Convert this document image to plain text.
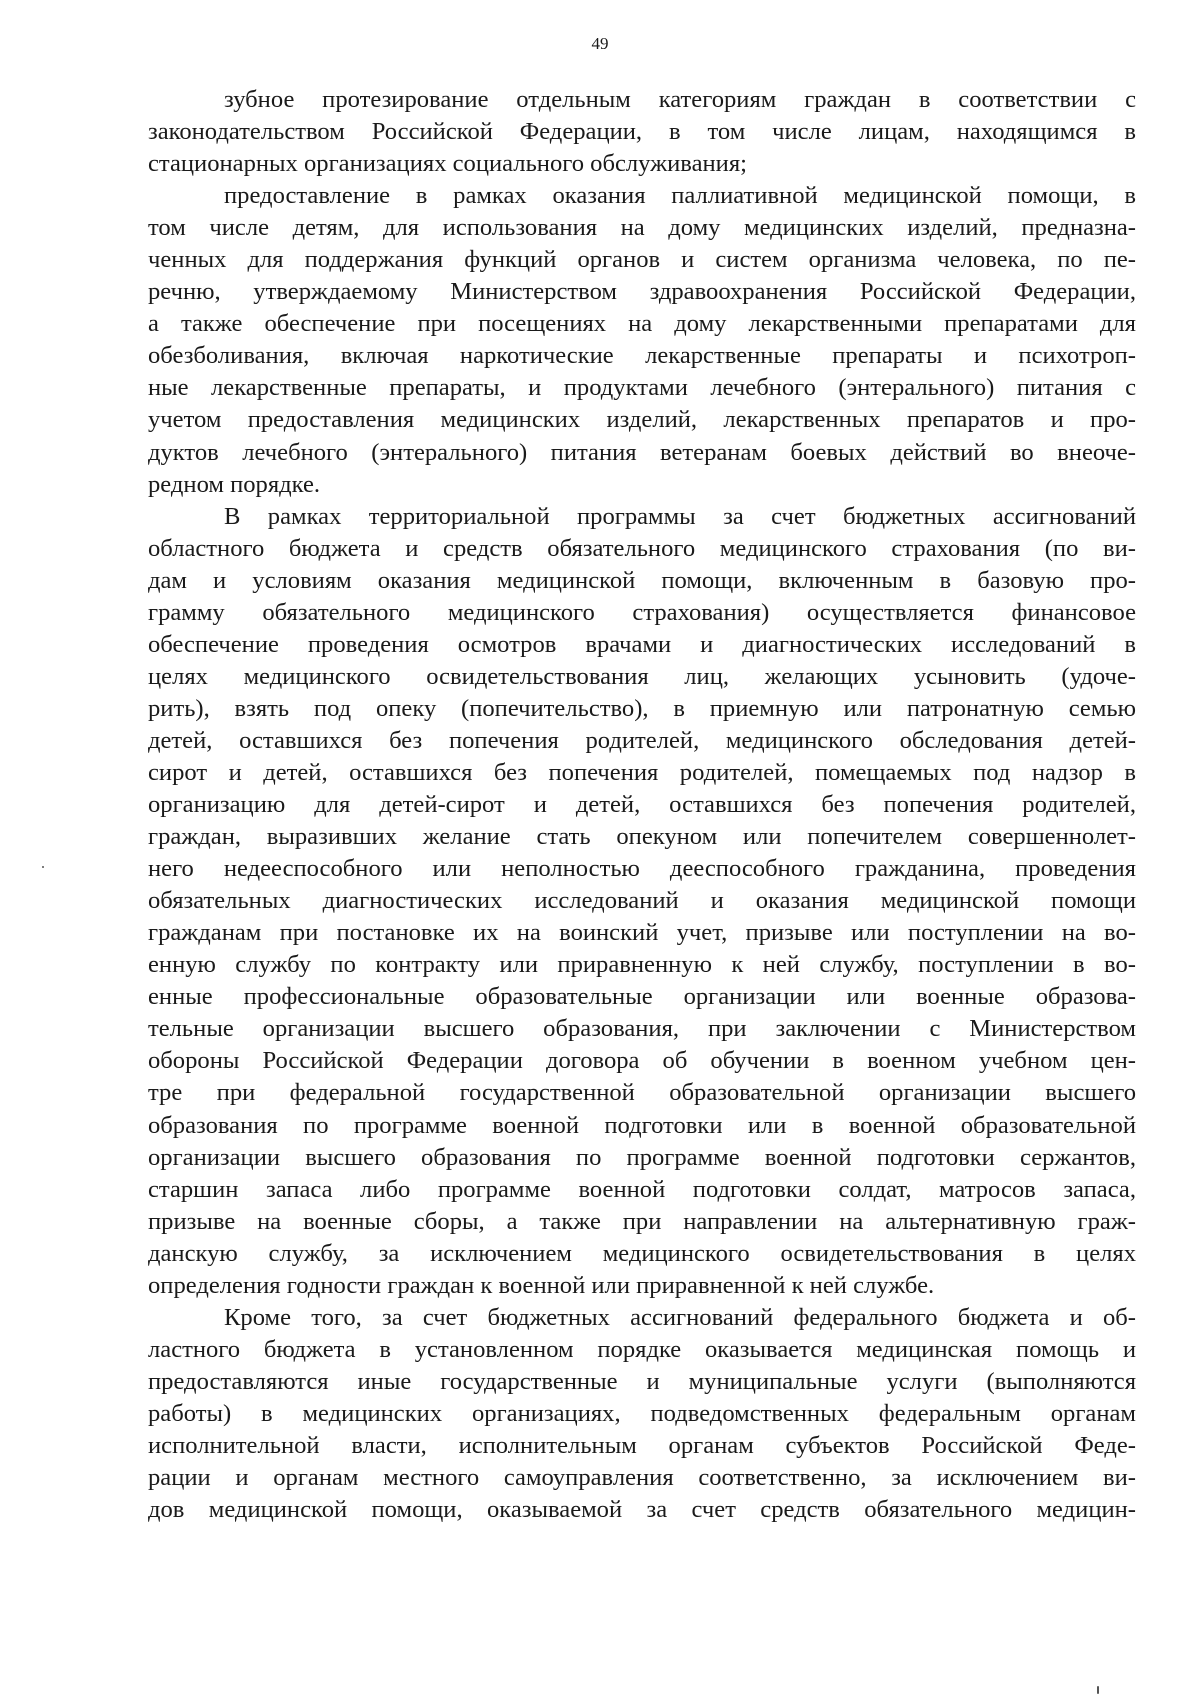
49

зубное протезирование отдельным категориям граждан в соответствии с
законодательством Российской Федерации, в том числе лицам, находящимся в
стационарных организациях социального обслуживания;

предоставление в рамках оказания паллиативной медицинской помощи, в
том числе детям, для использования на дому медицинских изделий, предназна-
ченных для поддержания функций органов и систем организма человека, по пе-
речню, утверждаемому Министерством здравоохранения Российской Федерации,
а также обеспечение при посещениях на дому лекарственными препаратами для
обезболивания, включая наркотические лекарственные препараты и психотроп-
ные лекарственные препараты, и продуктами лечебного (энтерального) питания с
учетом предоставления медицинских изделий, лекарственных препаратов и про-
дуктов лечебного (энтерального) питания ветеранам боевых действий во внеоче-
редном порядке.

В рамках территориальной программы за счет бюджетных ассигнований
областного бюджета и средств обязательного медицинского страхования (по ви-
дам и условиям оказания медицинской помощи, включенным в базовую про-
грамму обязательного медицинского страхования) осуществляется финансовое
обеспечение проведения осмотров врачами и диагностических исследований в
целях медицинского освидетельствования лиц, желающих усыновить (удоче-
рить), взять под опеку (попечительство), в приемную или патронатную семью
детей, оставшихся без попечения родителей, медицинского обследования детей-
сирот и детей, оставшихся без попечения родителей, помещаемых под надзор в
организацию для детей-сирот и детей, оставшихся без попечения родителей,
граждан, выразивших желание стать опекуном или попечителем совершеннолет-
него недееспособного или неполностью дееспособного гражданина, проведения
обязательных диагностических исследований и оказания медицинской помощи
гражданам при постановке их на воинский учет, призыве или поступлении на во-
енную службу по контракту или приравненную к ней службу, поступлении в во-
енные профессиональные образовательные организации или военные образова-
тельные организации высшего образования, при заключении с Министерством
обороны Российской Федерации договора об обучении в военном учебном цен-
тре при федеральной государственной образовательной организации высшего
образования по программе военной подготовки или в военной образовательной
организации высшего образования по программе военной подготовки сержантов,
старшин запаса либо программе военной подготовки солдат, матросов запаса,
призыве на военные сборы, а также при направлении на альтернативную граж-
данскую службу, за исключением медицинского освидетельствования в целях
определения годности граждан к военной или приравненной к ней службе.

Кроме того, за счет бюджетных ассигнований федерального бюджета и об-
ластного бюджета в установленном порядке оказывается медицинская помощь и
предоставляются иные государственные и муниципальные услуги (выполняются
работы) в медицинских организациях, подведомственных федеральным органам
исполнительной власти, исполнительным органам субъектов Российской Феде-
рации и органам местного самоуправления соответственно, за исключением ви-
дов медицинской помощи, оказываемой за счет средств обязательного медицин-
